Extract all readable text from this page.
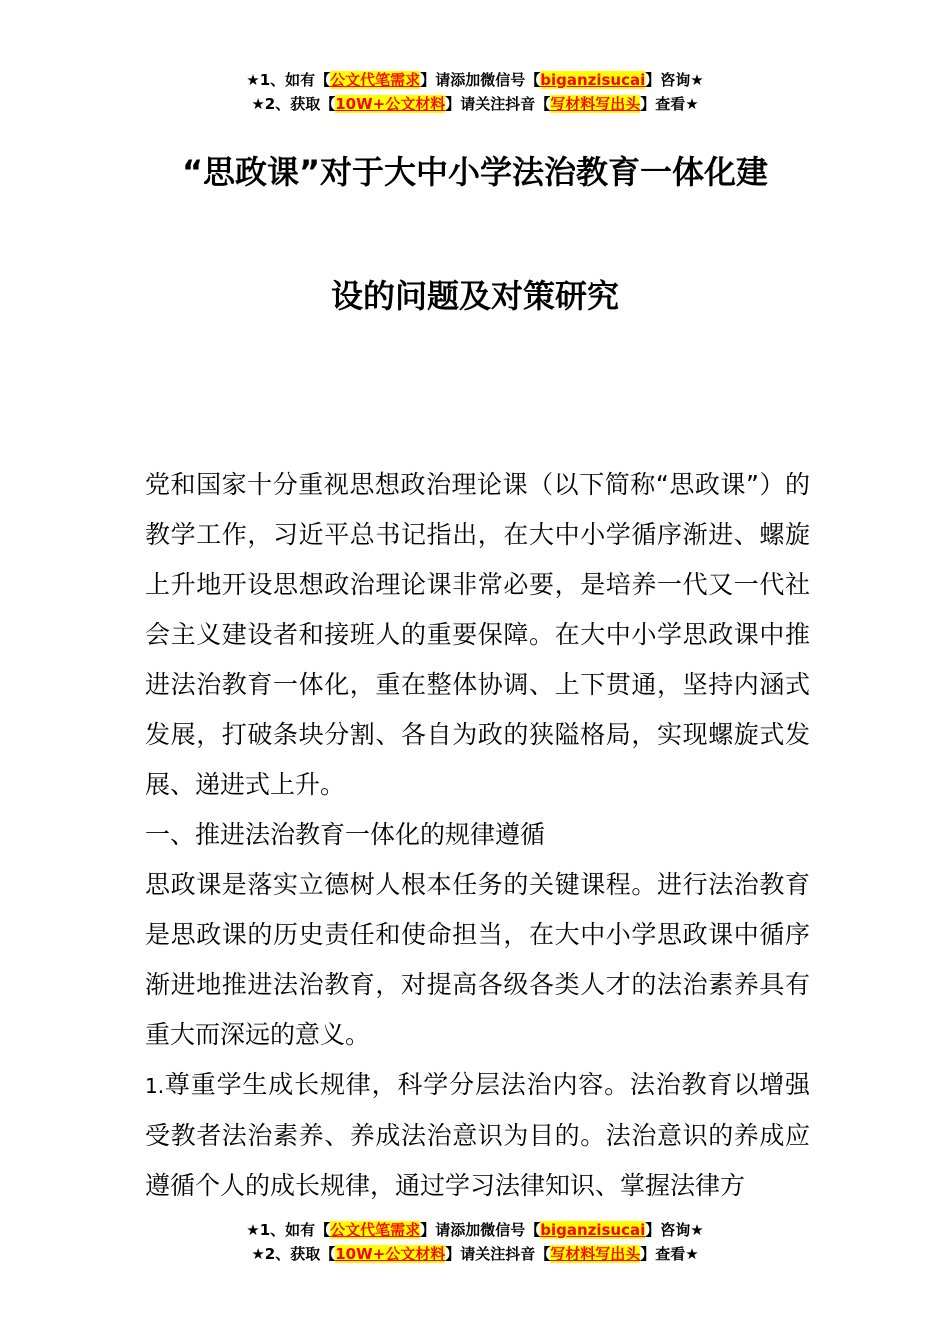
★1、如有【公文代笔需求】请添加微信号【biganzisucai】咨询★
★2、获取【10W+公文材料】请关注抖音【写材料写出头】查看★
“思政课”对于大中小学法治教育一体化建
设的问题及对策研究

党和国家十分重视思想政治理论课（以下简称“思政课”）的教学工作，习近平总书记指出，在大中小学循序渐进、螺旋上升地开设思想政治理论课非常必要，是培养一代又一代社会主义建设者和接班人的重要保障。在大中小学思政课中推进法治教育一体化，重在整体协调、上下贯通，坚持内涵式发展，打破条块分割、各自为政的狭隘格局，实现螺旋式发展、递进式上升。

一、推进法治教育一体化的规律遵循

思政课是落实立德树人根本任务的关键课程。进行法治教育是思政课的历史责任和使命担当，在大中小学思政课中循序渐进地推进法治教育，对提高各级各类人才的法治素养具有重大而深远的意义。

1.尊重学生成长规律，科学分层法治内容。法治教育以增强受教者法治素养、养成法治意识为目的。法治意识的养成应遵循个人的成长规律，通过学习法律知识、掌握法律方

★1、如有【公文代笔需求】请添加微信号【biganzisucai】咨询★
★2、获取【10W+公文材料】请关注抖音【写材料写出头】查看★
